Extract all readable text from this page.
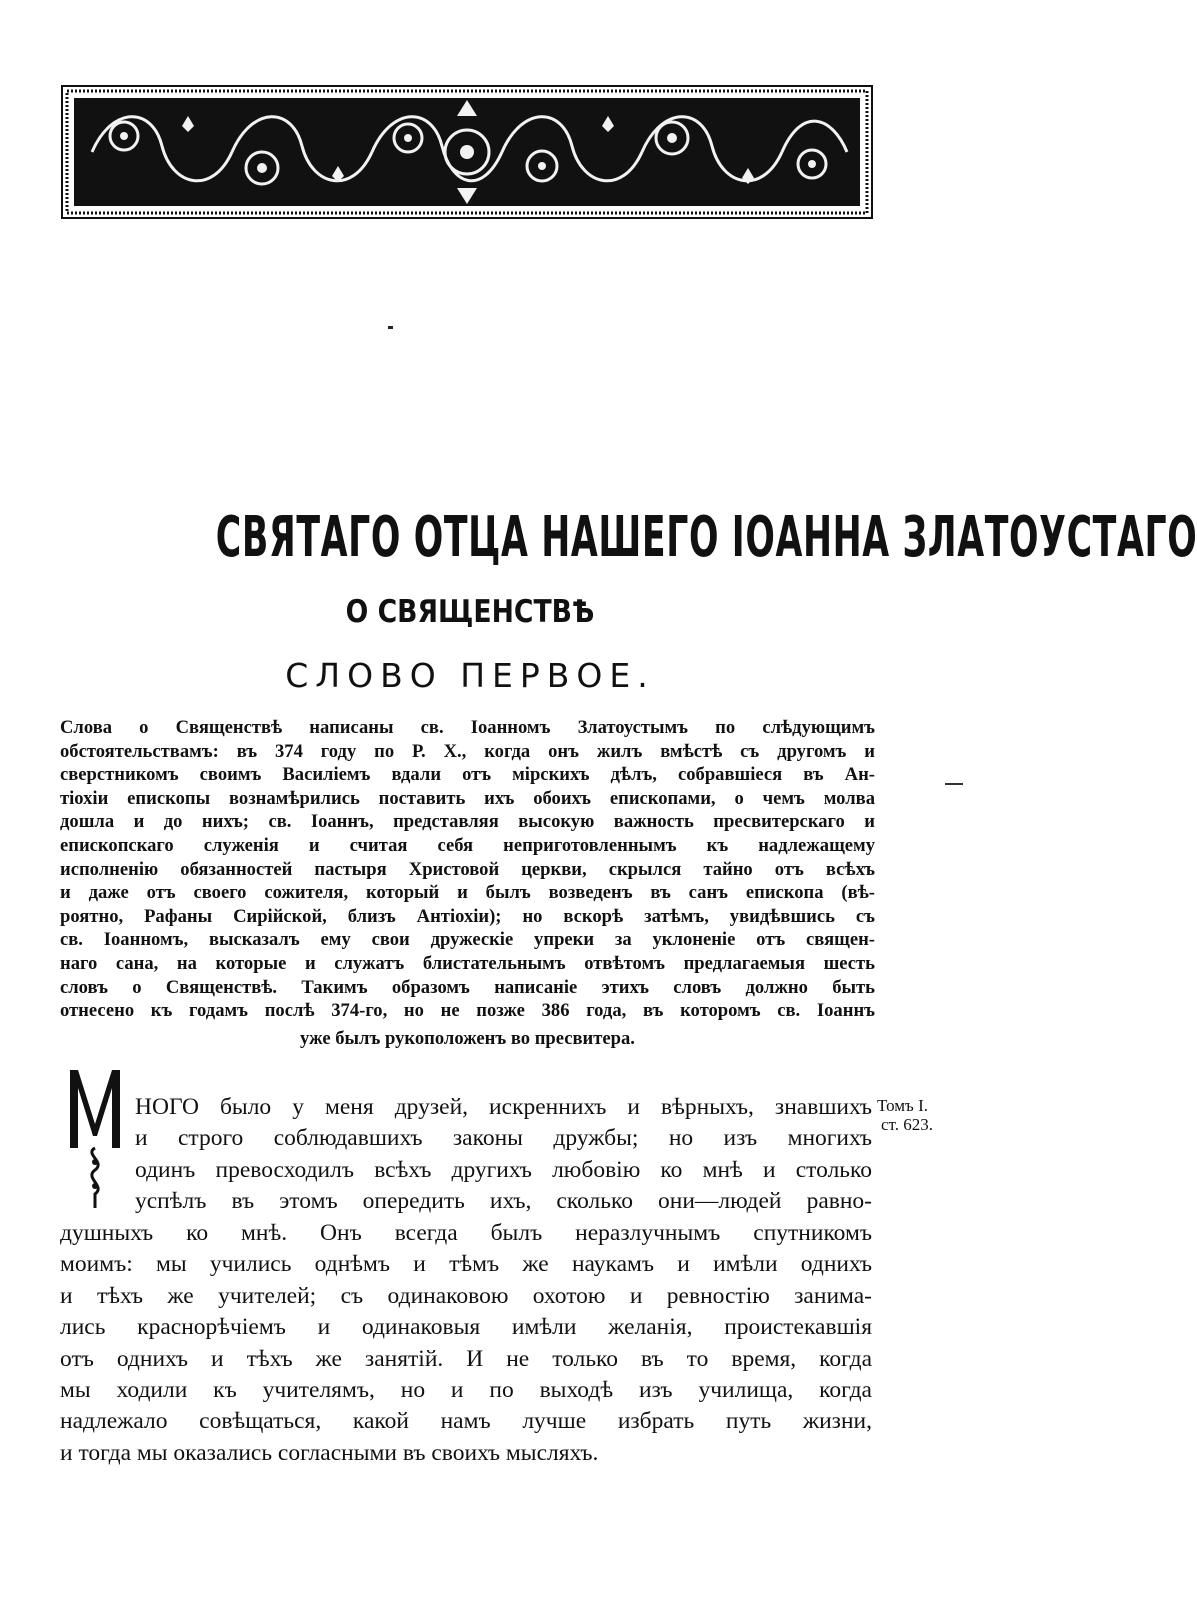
СВЯТАГО ОТЦА НАШЕГО IОАННА ЗЛАТОУСТАГО
О СВЯЩЕНСТВѢ
СЛОВО ПЕРВОЕ.
Слова о Священствѣ написаны св. Iоанномъ Златоустымъ по слѣдующимъ
обстоятельствамъ: въ 374 году по Р. Х., когда онъ жилъ вмѣстѣ съ другомъ и
сверстникомъ своимъ Василiемъ вдали отъ мiрскихъ дѣлъ, собравшiеся въ Ан-
тiохiи епископы вознамѣрились поставить ихъ обоихъ епископами, о чемъ молва
дошла и до нихъ; св. Iоаннъ, представляя высокую важность пресвитерскаго и
епископскаго служенiя и считая себя неприготовленнымъ къ надлежащему
исполненiю обязанностей пастыря Христовой церкви, скрылся тайно отъ всѣхъ
и даже отъ своего сожителя, который и былъ возведенъ въ санъ епископа (вѣ-
роятно, Рафаны Сирiйской, близъ Антiохiи); но вскорѣ затѣмъ, увидѣвшись съ
св. Iоанномъ, высказалъ ему свои дружескiе упреки за уклоненiе отъ священ-
наго сана, на которые и служатъ блистательнымъ отвѣтомъ предлагаемыя шесть
словъ о Священствѣ. Такимъ образомъ написанiе этихъ словъ должно быть
отнесено къ годамъ послѣ 374-го, но не позже 386 года, въ которомъ св. Iоаннъ
уже былъ рукоположенъ во пресвитера.
НОГО было у меня друзей, искреннихъ и вѣрныхъ, знавшихъ
и строго соблюдавшихъ законы дружбы; но изъ многихъ
одинъ превосходилъ всѣхъ другихъ любовiю ко мнѣ и столько
успѣлъ въ этомъ опередить ихъ, сколько они—людей равно-
душныхъ ко мнѣ. Онъ всегда былъ неразлучнымъ спутникомъ
моимъ: мы учились однѣмъ и тѣмъ же наукамъ и имѣли однихъ
и тѣхъ же учителей; съ одинаковою охотою и ревностiю занима-
лись краснорѣчiемъ и одинаковыя имѣли желанiя, проистекавшiя
отъ однихъ и тѣхъ же занятiй. И не только въ то время, когда
мы ходили къ учителямъ, но и по выходѣ изъ училища, когда
надлежало совѣщаться, какой намъ лучше избрать путь жизни,
и тогда мы оказались согласными въ своихъ мысляхъ.
Томъ I.
ст. 623.
